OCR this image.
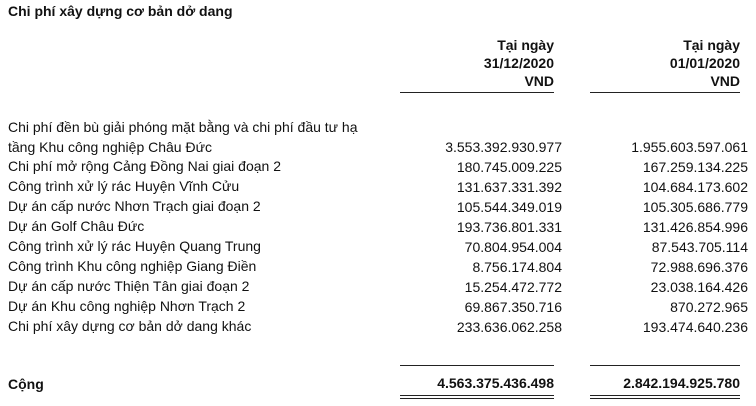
Chi phí xây dựng cơ bản dở dang
Tại ngày
31/12/2020
VND
Tại ngày
01/01/2020
VND
Chi phí đền bù giải phóng mặt bằng và chi phí đầu tư hạ tầng Khu công nghiệp Châu Đức	3.553.392.930.977	1.955.603.597.061
Chi phí mở rộng Cảng Đồng Nai giai đoạn 2	180.745.009.225	167.259.134.225
Công trình xử lý rác Huyện Vĩnh Cửu	131.637.331.392	104.684.173.602
Dự án cấp nước Nhơn Trạch giai đoạn 2	105.544.349.019	105.305.686.779
Dự án Golf Châu Đức	193.736.801.331	131.426.854.996
Công trình xử lý rác Huyện Quang Trung	70.804.954.004	87.543.705.114
Công trình Khu công nghiệp Giang Điền	8.756.174.804	72.988.696.376
Dự án cấp nước Thiện Tân giai đoạn 2	15.254.472.772	23.038.164.426
Dự án Khu công nghiệp Nhơn Trạch 2	69.867.350.716	870.272.965
Chi phí xây dựng cơ bản dở dang khác	233.636.062.258	193.474.640.236
Cộng	4.563.375.436.498	2.842.194.925.780
